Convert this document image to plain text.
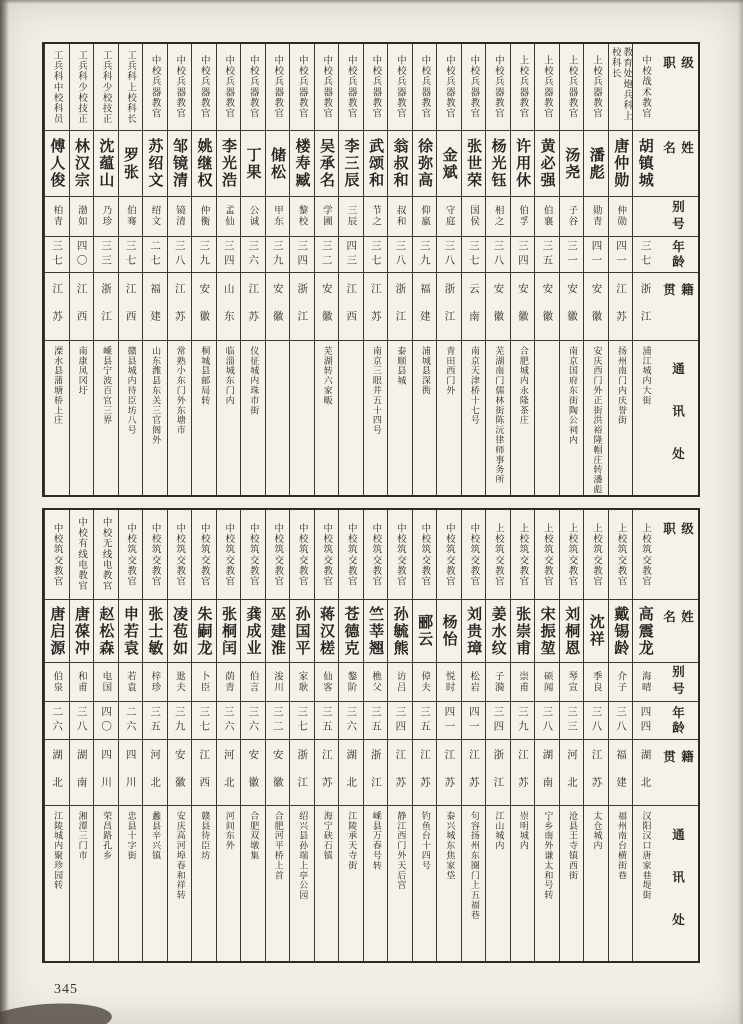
级职
姓名
别号
年龄
籍贯
通讯处
中校战术教官
胡镇城
三七
浙江
浦江城内大街
教育处炮兵科上校科长
唐仲勋
仲勋
四一
江苏
扬州南门内庆誉街
上校兵器教官
潘彪
勋青
四一
安徽
安庆西门外正街洪裕隆帽庄转潘彪
上校兵器教官
汤尧
子谷
三一
安徽
南京国府东街陶公祠内
上校兵器教官
黄必强
伯襄
三五
安徽
上校兵器教官
许用休
伯孚
三四
安徽
合肥城内永隆茶庄
中校兵器教官
杨光钰
相之
三八
安徽
芜湖南门儒林街陈沅律师事务所
中校兵器教官
张世荣
国侯
三七
云南
南京天津桥十七号
中校兵器教官
金斌
守庭
三八
浙江
青田西门外
中校兵器教官
徐弥高
仰嬴
三九
福建
浦城县深衖
中校兵器教官
翁叔和
叔和
三八
浙江
泰顺县城
中校兵器教官
武颂和
节之
三七
江苏
南京三眼井五十四号
中校兵器教官
李三辰
三辰
四三
江西
中校兵器教官
吴承名
学圃
三二
安徽
芜湖转六家畈
中校兵器教官
楼寿臧
黎校
三四
浙江
中校兵器教官
储松
甲东
三九
安徽
中校兵器教官
丁果
公诚
三六
江苏
仪征城内珠市街
中校兵器教官
李光浩
孟仙
三四
山东
临淄城东门内
中校兵器教官
姚继权
仲衡
三九
安徽
桐城县邮局转
中校兵器教官
邹镜清
镜清
三八
江苏
常熟小东门外东塘市
中校兵器教官
苏绍文
绍文
二七
福建
山东潍县东关三官阁外
工兵科上校科长
罗张
伯骞
三七
江西
赣县城内待臣坊八号
工兵科少校技正
沈蕴山
乃珍
三三
浙江
嵊县宁波百官三界
工兵科少校技正
林汉宗
渤如
四〇
江西
南康凤冈圩
工兵科中校科员
傅人俊
柏青
三七
江苏
溧水县蒲塘桥上庄
级职
姓名
别号
年龄
籍贯
通讯处
上校筑交教官
高震龙
海晴
四四
湖北
汉阳汉口唐家巷堤街
上校筑交教官
戴锡龄
介子
三八
福建
福州南台横街巷
上校筑交教官
沈祥
季良
三八
江苏
太仓城内
上校筑交教官
刘桐恩
琴宣
三三
河北
沧县王寺镇西街
上校筑交教官
宋振堃
硕闻
三八
湖南
宁乡南外谦太和号转
上校筑交教官
张崇甫
崇甫
三九
江苏
崇明城内
上校筑交教官
姜水纹
子漪
三四
浙江
江山城内
中校筑交教官
刘贵璋
松岩
四一
江苏
句容扬州东圈门上五福巷
中校筑交教官
杨怡
悦时
四一
江苏
泰兴城东焦家垈
中校筑交教官
郦云
倬夫
三五
江苏
钓鱼台十四号
中校筑交教官
孙毓熊
访吕
三四
江苏
静江西门外天后宫
中校筑交教官
竺莘翘
樵父
三五
浙江
嵊县万春号转
中校筑交教官
苍德克
鏊阶
三六
湖北
江陵承天寺街
中校筑交教官
蒋汉槎
仙客
三五
江苏
海宁硖石镇
中校筑交教官
孙国平
家耿
三七
浙江
绍兴县孙端上亭公园
中校筑交教官
巫建淮
浚川
三二
安徽
合肥河平桥上首
中校筑交教官
龚成业
伯言
三六
安徽
合肥双墩集
中校筑交教官
张桐闰
荫青
三六
河北
河间东外
中校筑交教官
朱嗣龙
卜臣
三七
江西
赣县待臣坊
中校筑交教官
凌苞如
逖夫
三九
安徽
安庆高河埠春和祥转
中校筑交教官
张士敏
梓珍
三五
河北
蠡县辛兴镇
中校筑交教官
申若袁
若袁
二六
四川
忠县十字街
中校无线电教官
赵松森
电国
四〇
四川
荣昌路孔乡
中校有线电教官
唐葆冲
和甫
三八
湖南
湘潭三门市
中校筑交教官
唐启源
伯泉
二六
湖北
江陵城内聚珍园转
345
